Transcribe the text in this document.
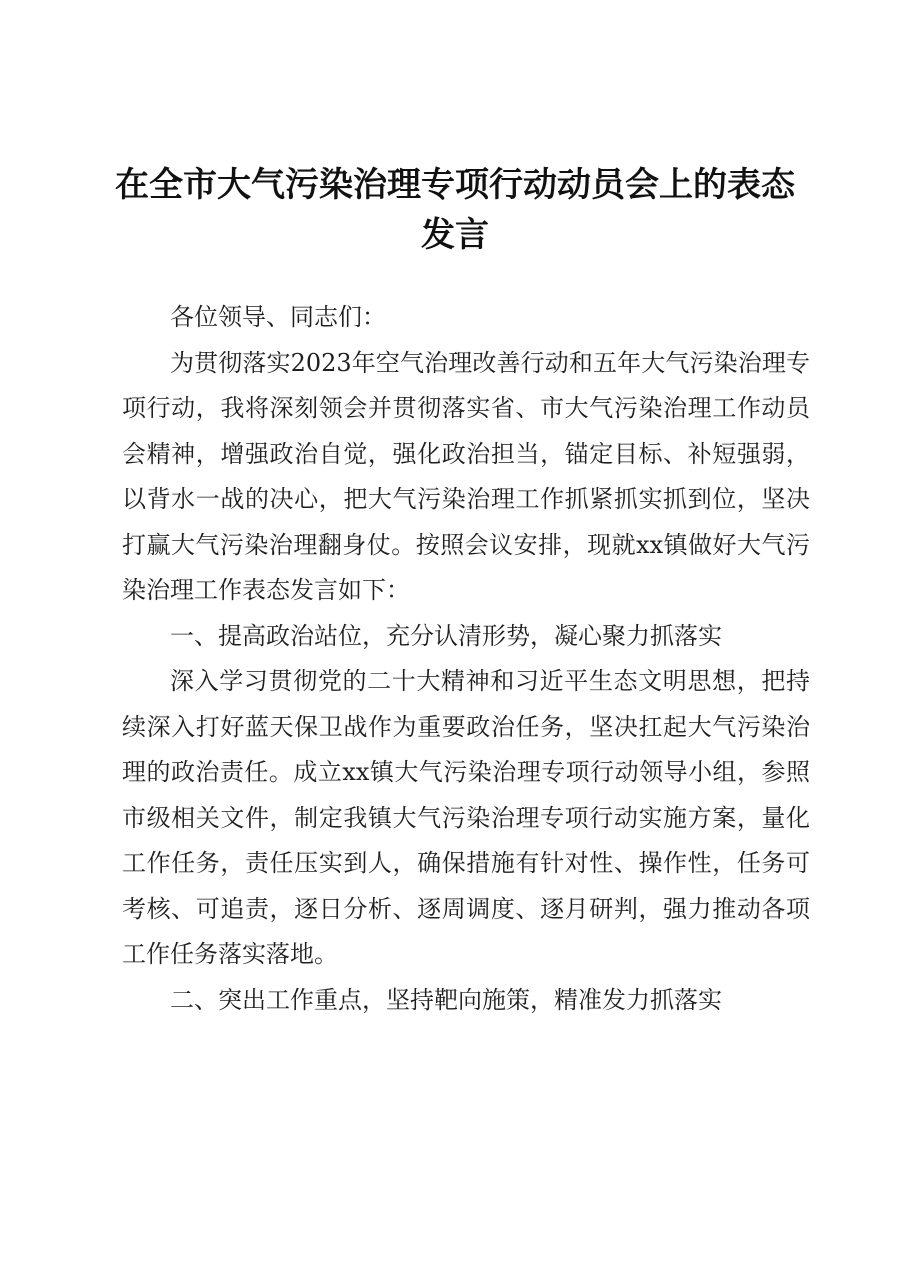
在全市大气污染治理专项行动动员会上的表态发言

各位领导、同志们：

为贯彻落实2023年空气治理改善行动和五年大气污染治理专项行动，我将深刻领会并贯彻落实省、市大气污染治理工作动员会精神，增强政治自觉，强化政治担当，锚定目标、补短强弱，以背水一战的决心，把大气污染治理工作抓紧抓实抓到位，坚决打赢大气污染治理翻身仗。按照会议安排，现就xx镇做好大气污染治理工作表态发言如下：

一、提高政治站位，充分认清形势，凝心聚力抓落实

深入学习贯彻党的二十大精神和习近平生态文明思想，把持续深入打好蓝天保卫战作为重要政治任务，坚决扛起大气污染治理的政治责任。成立xx镇大气污染治理专项行动领导小组，参照市级相关文件，制定我镇大气污染治理专项行动实施方案，量化工作任务，责任压实到人，确保措施有针对性、操作性，任务可考核、可追责，逐日分析、逐周调度、逐月研判，强力推动各项工作任务落实落地。

二、突出工作重点，坚持靶向施策，精准发力抓落实
